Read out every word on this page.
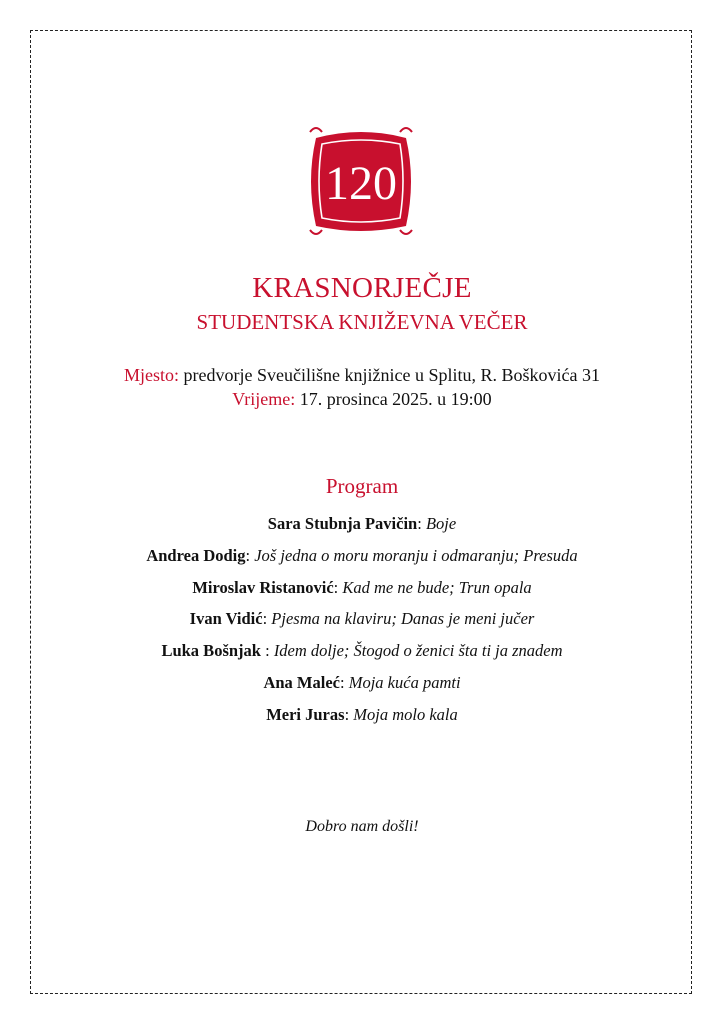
120
KRASNORJEČJE
STUDENTSKA KNJIŽEVNA VEČER
Mjesto: predvorje Sveučilišne knjižnice u Splitu, R. Boškovića 31
Vrijeme: 17. prosinca 2025. u 19:00
Program
Sara Stubnja Pavičin: Boje
Andrea Dodig: Još jedna o moru moranju i odmaranju; Presuda
Miroslav Ristanović: Kad me ne bude; Trun opala
Ivan Vidić: Pjesma na klaviru; Danas je meni jučer
Luka Bošnjak : Idem dolje; Štogod o ženici šta ti ja znadem
Ana Maleć: Moja kuća pamti
Meri Juras: Moja molo kala
Dobro nam došli!
